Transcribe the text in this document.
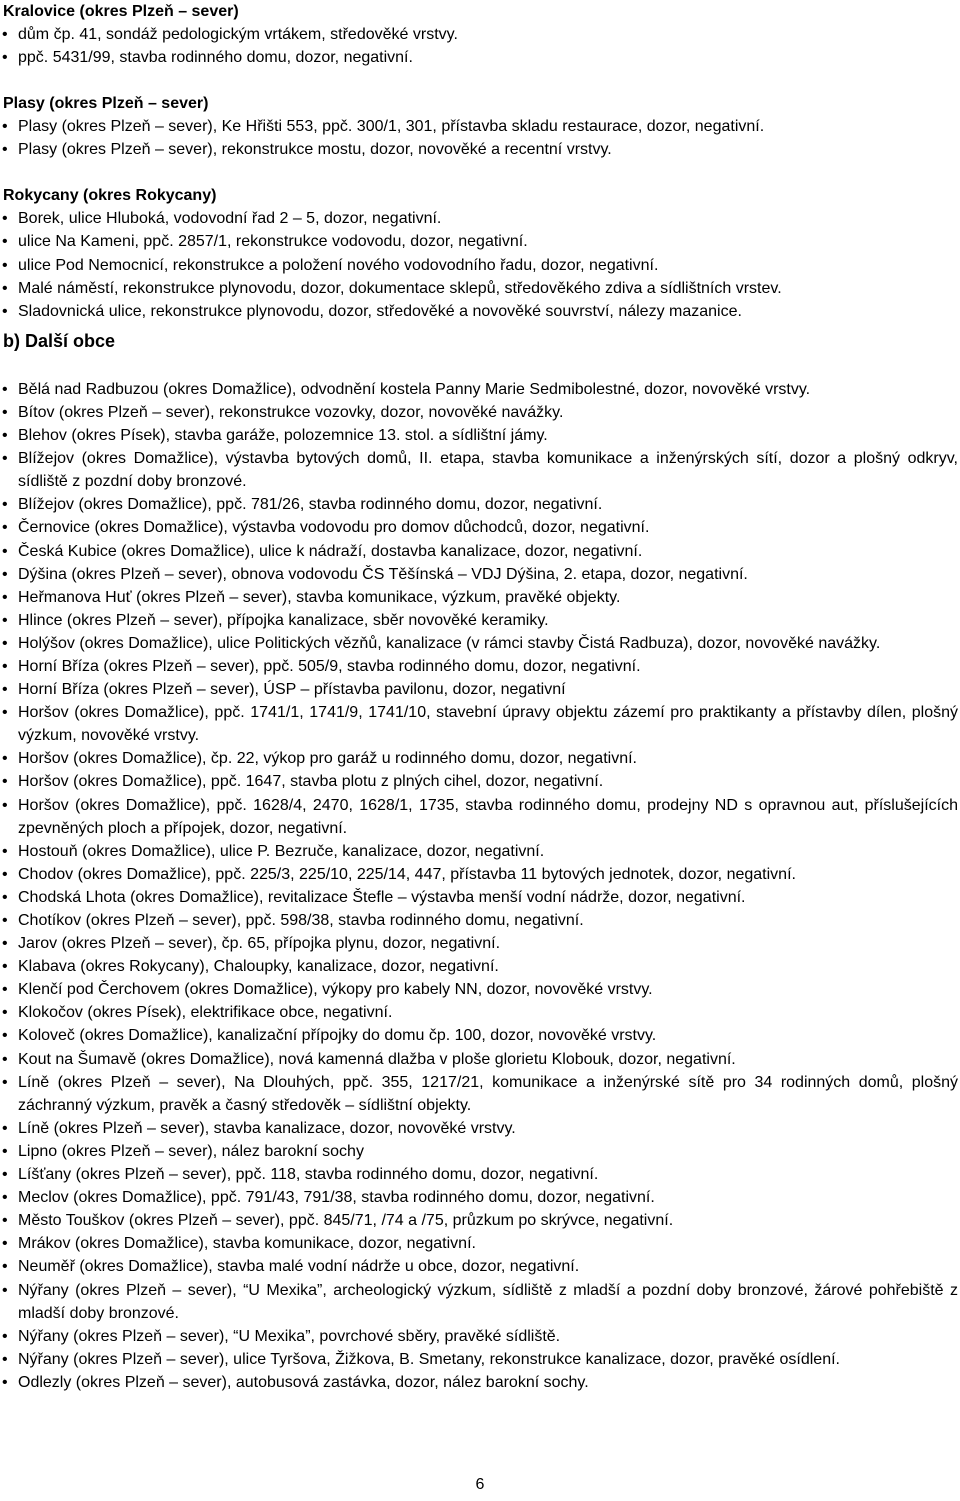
Kralovice (okres Plzeň – sever)
• dům čp. 41, sondáž pedologickým vrtákem, středověké vrstvy.
• ppč. 5431/99, stavba rodinného domu, dozor, negativní.
Plasy (okres Plzeň – sever)
• Plasy (okres Plzeň – sever), Ke Hřišti 553, ppč. 300/1, 301, přístavba skladu restaurace, dozor, negativní.
• Plasy (okres Plzeň – sever), rekonstrukce mostu, dozor, novověké a recentní vrstvy.
Rokycany (okres Rokycany)
• Borek, ulice Hluboká, vodovodní řad 2 – 5, dozor, negativní.
• ulice Na Kameni, ppč. 2857/1, rekonstrukce vodovodu, dozor, negativní.
• ulice Pod Nemocnicí, rekonstrukce a položení nového vodovodního řadu, dozor, negativní.
• Malé náměstí, rekonstrukce plynovodu, dozor, dokumentace sklepů, středověkého zdiva a sídlištních vrstev.
• Sladovnická ulice, rekonstrukce plynovodu, dozor, středověké a novověké souvrství, nálezy mazanice.
b) Další obce
• Bělá nad Radbuzou (okres Domažlice), odvodnění kostela Panny Marie Sedmibolestné, dozor, novověké vrstvy.
• Bítov (okres Plzeň – sever), rekonstrukce vozovky, dozor, novověké navážky.
• Blehov (okres Písek), stavba garáže, polozemnice 13. stol. a sídlištní jámy.
• Blížejov (okres Domažlice), výstavba bytových domů, II. etapa, stavba komunikace a inženýrských sítí, dozor a plošný odkryv, sídliště z pozdní doby bronzové.
• Blížejov (okres Domažlice), ppč. 781/26, stavba rodinného domu, dozor, negativní.
• Černovice (okres Domažlice), výstavba vodovodu pro domov důchodců, dozor, negativní.
• Česká Kubice (okres Domažlice), ulice k nádraží, dostavba kanalizace, dozor, negativní.
• Dýšina (okres Plzeň – sever), obnova vodovodu ČS Těšínská – VDJ Dýšina, 2. etapa, dozor, negativní.
• Heřmanova Huť (okres Plzeň – sever), stavba komunikace, výzkum, pravěké objekty.
• Hlince (okres Plzeň – sever), přípojka kanalizace, sběr novověké keramiky.
• Holýšov (okres Domažlice), ulice Politických vězňů, kanalizace (v rámci stavby Čistá Radbuza), dozor, novověké navážky.
• Horní Bříza (okres Plzeň – sever), ppč. 505/9, stavba rodinného domu, dozor, negativní.
• Horní Bříza (okres Plzeň – sever), ÚSP – přístavba pavilonu, dozor, negativní
• Horšov (okres Domažlice), ppč. 1741/1, 1741/9, 1741/10, stavební úpravy objektu zázemí pro praktikanty a přístavby dílen, plošný výzkum, novověké vrstvy.
• Horšov (okres Domažlice), čp. 22, výkop pro garáž u rodinného domu, dozor, negativní.
• Horšov (okres Domažlice), ppč. 1647, stavba plotu z plných cihel, dozor, negativní.
• Horšov (okres Domažlice), ppč. 1628/4, 2470, 1628/1, 1735, stavba rodinného domu, prodejny ND s opravnou aut, příslušejících zpevněných ploch a přípojek, dozor, negativní.
• Hostouň (okres Domažlice), ulice P. Bezruče, kanalizace, dozor, negativní.
• Chodov (okres Domažlice), ppč. 225/3, 225/10, 225/14, 447, přístavba 11 bytových jednotek, dozor, negativní.
• Chodská Lhota (okres Domažlice), revitalizace Štefle – výstavba menší vodní nádrže, dozor, negativní.
• Chotíkov (okres Plzeň – sever), ppč. 598/38, stavba rodinného domu, negativní.
• Jarov (okres Plzeň – sever), čp. 65, přípojka plynu, dozor, negativní.
• Klabava (okres Rokycany), Chaloupky, kanalizace, dozor, negativní.
• Klenčí pod Čerchovem (okres Domažlice), výkopy pro kabely NN, dozor, novověké vrstvy.
• Klokočov (okres Písek), elektrifikace obce, negativní.
• Koloveč (okres Domažlice), kanalizační přípojky do domu čp. 100, dozor, novověké vrstvy.
• Kout na Šumavě (okres Domažlice), nová kamenná dlažba v ploše glorietu Klobouk, dozor, negativní.
• Líně (okres Plzeň – sever), Na Dlouhých, ppč. 355, 1217/21, komunikace a inženýrské sítě pro 34 rodinných domů, plošný záchranný výzkum, pravěk a časný středověk – sídlištní objekty.
• Líně (okres Plzeň – sever), stavba kanalizace, dozor, novověké vrstvy.
• Lipno (okres Plzeň – sever), nález barokní sochy
• Líšťany (okres Plzeň – sever), ppč. 118, stavba rodinného domu, dozor, negativní.
• Meclov (okres Domažlice), ppč. 791/43, 791/38, stavba rodinného domu, dozor, negativní.
• Město Touškov (okres Plzeň – sever), ppč. 845/71, /74 a /75, průzkum po skrývce, negativní.
• Mrákov (okres Domažlice), stavba komunikace, dozor, negativní.
• Neuměř (okres Domažlice), stavba malé vodní nádrže u obce, dozor, negativní.
• Nýřany (okres Plzeň – sever), “U Mexika”, archeologický výzkum, sídliště z mladší a pozdní doby bronzové, žárové pohřebiště z mladší doby bronzové.
• Nýřany (okres Plzeň – sever), “U Mexika”, povrchové sběry, pravěké sídliště.
• Nýřany (okres Plzeň – sever), ulice Tyršova, Žižkova, B. Smetany, rekonstrukce kanalizace, dozor, pravěké osídlení.
• Odlezly (okres Plzeň – sever), autobusová zastávka, dozor, nález barokní sochy.
6
